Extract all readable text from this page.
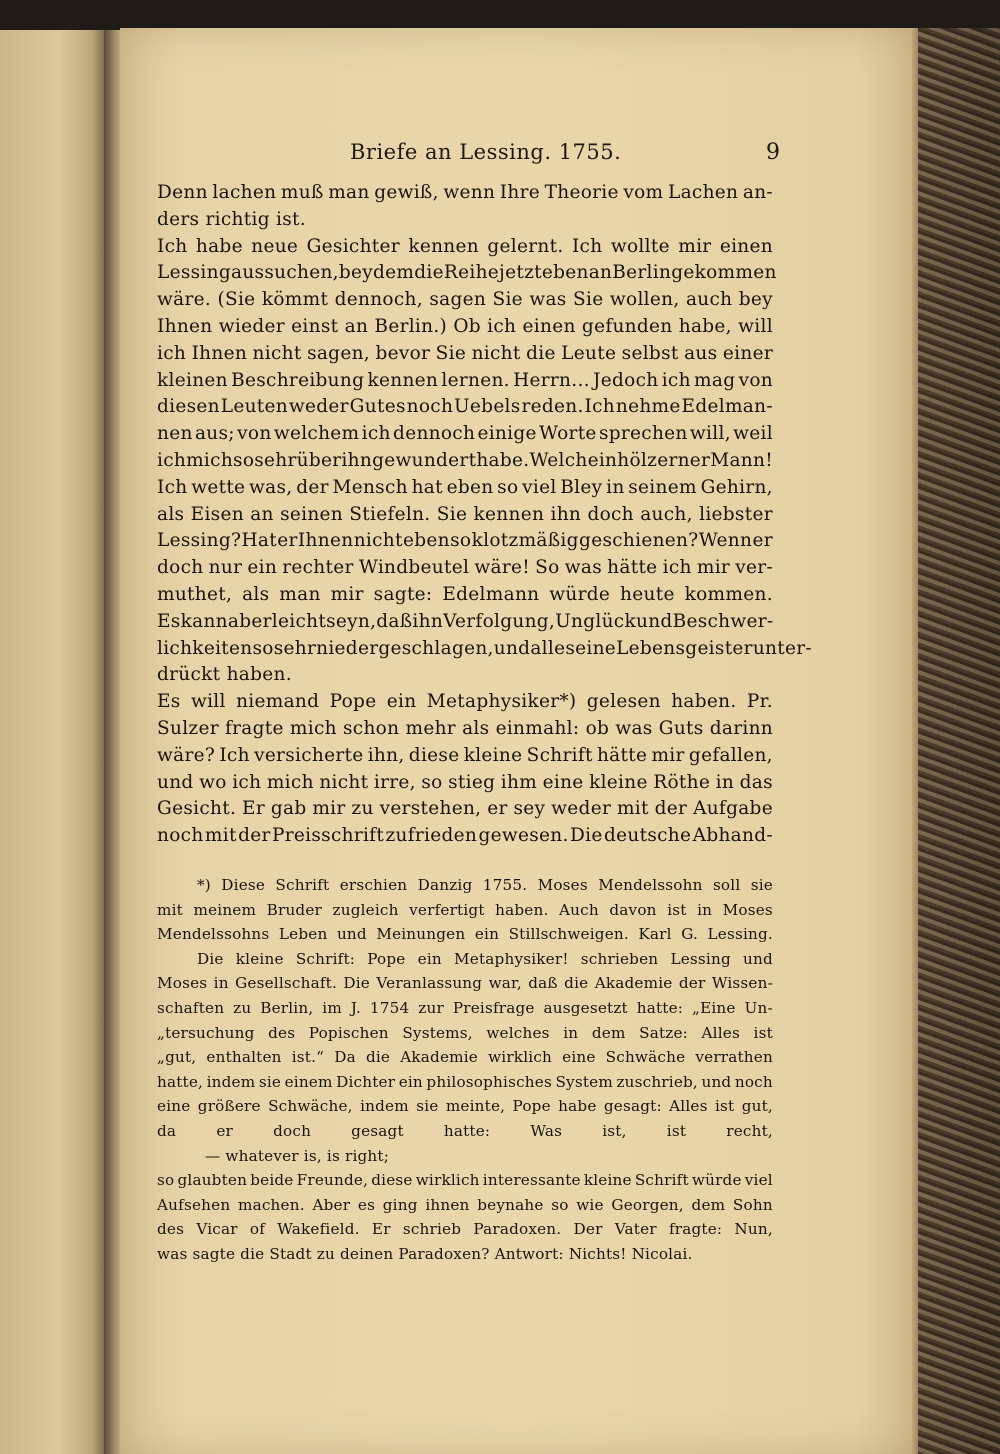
Briefe an Lessing. 1755.	9
Denn lachen muß man gewiß, wenn Ihre Theorie vom Lachen an-
ders richtig ist.
Ich habe neue Gesichter kennen gelernt. Ich wollte mir einen
Lessing aussuchen, bey dem die Reihe jetzt eben an Berlin gekommen
wäre. (Sie kömmt dennoch, sagen Sie was Sie wollen, auch bey
Ihnen wieder einst an Berlin.) Ob ich einen gefunden habe, will
ich Ihnen nicht sagen, bevor Sie nicht die Leute selbst aus einer
kleinen Beschreibung kennen lernen. Herrn... Jedoch ich mag von
diesen Leuten weder Gutes noch Uebels reden. Ich nehme Edelman-
nen aus; von welchem ich dennoch einige Worte sprechen will, weil
ich mich so sehr über ihn gewundert habe. Welch ein hölzerner Mann!
Ich wette was, der Mensch hat eben so viel Bley in seinem Gehirn,
als Eisen an seinen Stiefeln. Sie kennen ihn doch auch, liebster
Lessing? Hat er Ihnen nicht eben so klotzmäßig geschienen? Wenn er
doch nur ein rechter Windbeutel wäre! So was hätte ich mir ver-
muthet, als man mir sagte: Edelmann würde heute kommen.
Es kann aber leicht seyn, daß ihn Verfolgung, Unglück und Beschwer-
lichkeiten so sehr niedergeschlagen, und alle seine Lebensgeister unter-
drückt haben.
Es will niemand Pope ein Metaphysiker*) gelesen haben. Pr.
Sulzer fragte mich schon mehr als einmahl: ob was Guts darinn
wäre? Ich versicherte ihn, diese kleine Schrift hätte mir gefallen,
und wo ich mich nicht irre, so stieg ihm eine kleine Röthe in das
Gesicht. Er gab mir zu verstehen, er sey weder mit der Aufgabe
noch mit der Preisschrift zufrieden gewesen. Die deutsche Abhand-
*) Diese Schrift erschien Danzig 1755. Moses Mendelssohn soll sie
mit meinem Bruder zugleich verfertigt haben. Auch davon ist in Moses
Mendelssohns Leben und Meinungen ein Stillschweigen. Karl G. Lessing.
Die kleine Schrift: Pope ein Metaphysiker! schrieben Lessing und
Moses in Gesellschaft. Die Veranlassung war, daß die Akademie der Wissen-
schaften zu Berlin, im J. 1754 zur Preisfrage ausgesetzt hatte: „Eine Un-
„tersuchung des Popischen Systems, welches in dem Satze: Alles ist
„gut, enthalten ist.“ Da die Akademie wirklich eine Schwäche verrathen
hatte, indem sie einem Dichter ein philosophisches System zuschrieb, und noch
eine größere Schwäche, indem sie meinte, Pope habe gesagt: Alles ist gut,
da	er	doch	gesagt	hatte:	Was	ist,	ist	recht,
— whatever is, is right;
so glaubten beide Freunde, diese wirklich interessante kleine Schrift würde viel
Aufsehen machen. Aber es ging ihnen beynahe so wie Georgen, dem Sohn
des Vicar of Wakefield. Er schrieb Paradoxen. Der Vater fragte: Nun,
was sagte die Stadt zu deinen Paradoxen? Antwort: Nichts! Nicolai.
